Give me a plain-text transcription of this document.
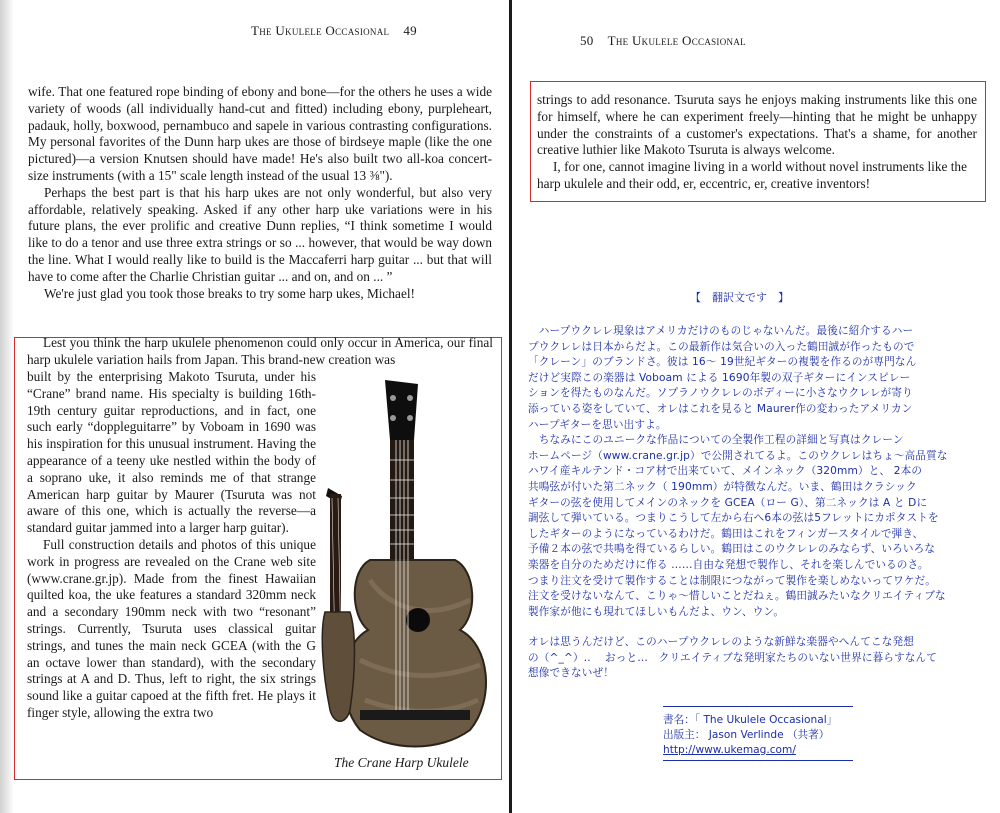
The Ukulele Occasional 49

wife. That one featured rope binding of ebony and bone—for the others he uses a wide variety of woods (all individually hand-cut and fitted) including ebony, purpleheart, padauk, holly, boxwood, pernambuco and sapele in various contrasting configurations. My personal favorites of the Dunn harp ukes are those of birdseye maple (like the one pictured)—a version Knutsen should have made! He's also built two all-koa concert-size instruments (with a 15" scale length instead of the usual 13 ⅜").

Perhaps the best part is that his harp ukes are not only wonderful, but also very affordable, relatively speaking. Asked if any other harp uke variations were in his future plans, the ever prolific and creative Dunn replies, “I think sometime I would like to do a tenor and use three extra strings or so ... however, that would be way down the line. What I would really like to build is the Maccaferri harp guitar ... but that will have to come after the Charlie Christian guitar ... and on, and on ... ”

We're just glad you took those breaks to try some harp ukes, Michael!

Lest you think the harp ukulele phenomenon could only occur in America, our final harp ukulele variation hails from Japan. This brand-new creation was

built by the enterprising Makoto Tsuruta, under his “Crane” brand name. His specialty is building 16th-19th century guitar reproductions, and in fact, one such early “doppleguitarre” by Voboam in 1690 was his inspiration for this unusual instrument. Having the appearance of a teeny uke nestled within the body of a soprano uke, it also reminds me of that strange American harp guitar by Maurer (Tsuruta was not aware of this one, which is actually the reverse—a standard guitar jammed into a larger harp guitar).

Full construction details and photos of this unique work in progress are revealed on the Crane web site (www.crane.gr.jp). Made from the finest Hawaiian quilted koa, the uke features a standard 320mm neck and a secondary 190mm neck with two “resonant” strings. Currently, Tsuruta uses classical guitar strings, and tunes the main neck GCEA (with the G an octave lower than standard), with the secondary strings at A and D. Thus, left to right, the six strings sound like a guitar capoed at the fifth fret. He plays it finger style, allowing the extra two

The Crane Harp Ukulele
50 The Ukulele Occasional

strings to add resonance. Tsuruta says he enjoys making instruments like this one for himself, where he can experiment freely—hinting that he might be unhappy under the constraints of a customer's expectations. That's a shame, for another creative luthier like Makoto Tsuruta is always welcome.

I, for one, cannot imagine living in a world without novel instruments like the harp ukulele and their odd, er, eccentric, er, creative inventors!

【　翻訳文です　】

　ハープウクレレ現象はアメリカだけのものじゃないんだ。最後に紹介するハー

プウクレレは日本からだよ。この最新作は気合いの入った鶴田誠が作ったもので

「クレーン」のブランドさ。彼は 16～ 19世紀ギターの複製を作るのが専門なん

だけど実際この楽器は Voboam による 1690年製の双子ギターにインスピレー

ションを得たものなんだ。ソプラノウクレレのボディーに小さなウクレレが寄り

添っている姿をしていて、オレはこれを見ると Maurer作の変わったアメリカン

ハープギターを思い出すよ。

　ちなみにこのユニークな作品についての全製作工程の詳細と写真はクレーン

ホームページ（www.crane.gr.jp）で公開されてるよ。このウクレレはちょ～高品質な

ハワイ産キルテンド・コア材で出来ていて、メインネック（320mm）と、 2本の

共鳴弦が付いた第二ネック（ 190mm）が特徴なんだ。いま、鶴田はクラシック

ギターの弦を使用してメインのネックを GCEA（ロー G）、第二ネックは A と Dに

調弦して弾いている。つまりこうして左から右へ6本の弦は5フレットにカポタストを

したギターのようになっているわけだ。鶴田はこれをフィンガースタイルで弾き、

予備２本の弦で共鳴を得ているらしい。鶴田はこのウクレレのみならず、いろいろな

楽器を自分のためだけに作る ……自由な発想で製作し、それを楽しんでいるのさ。

つまり注文を受けて製作することは制限につながって製作を楽しめないってワケだ。

注文を受けないなんて、こりゃ～惜しいことだねぇ。鶴田誠みたいなクリエイティブな

製作家が他にも現れてほしいもんだよ、ウン、ウン。

オレは思うんだけど、このハープウクレレのような新鮮な楽器やへんてこな発想

の（^_^）.. 　おっと…　クリエイティブな発明家たちのいない世界に暮らすなんて

想像できないぜ！

書名：「 The Ukulele Occasional」
出版主： Jason Verlinde （共著）
http://www.ukemag.com/
